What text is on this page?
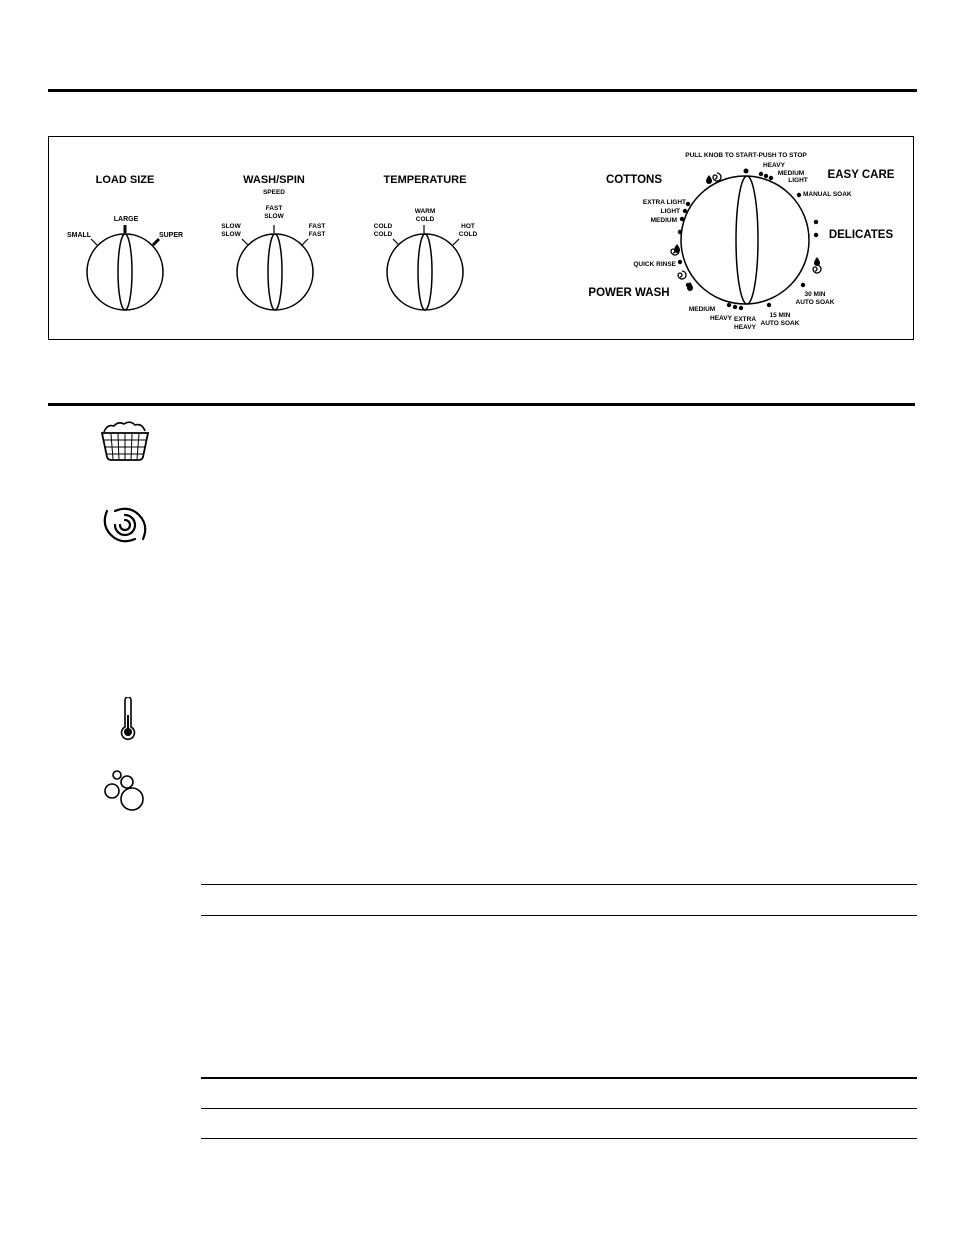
LOAD SIZE
SMALL
LARGE
SUPER
WASH/SPIN
SPEED
SLOW
SLOW
FAST
SLOW
FAST
FAST
TEMPERATURE
COLD
COLD
WARM
COLD
HOT
COLD
PULL KNOB TO START-PUSH TO STOP
COTTONS	EASY CARE
DELICATES
POWER WASH
EXTRA LIGHT
LIGHT
MEDIUM
QUICK RINSE
HEAVY
MEDIUM
LIGHT
MANUAL SOAK
30 MIN
AUTO SOAK
15 MIN
AUTO SOAK
EXTRA
HEAVY
HEAVY
MEDIUM
